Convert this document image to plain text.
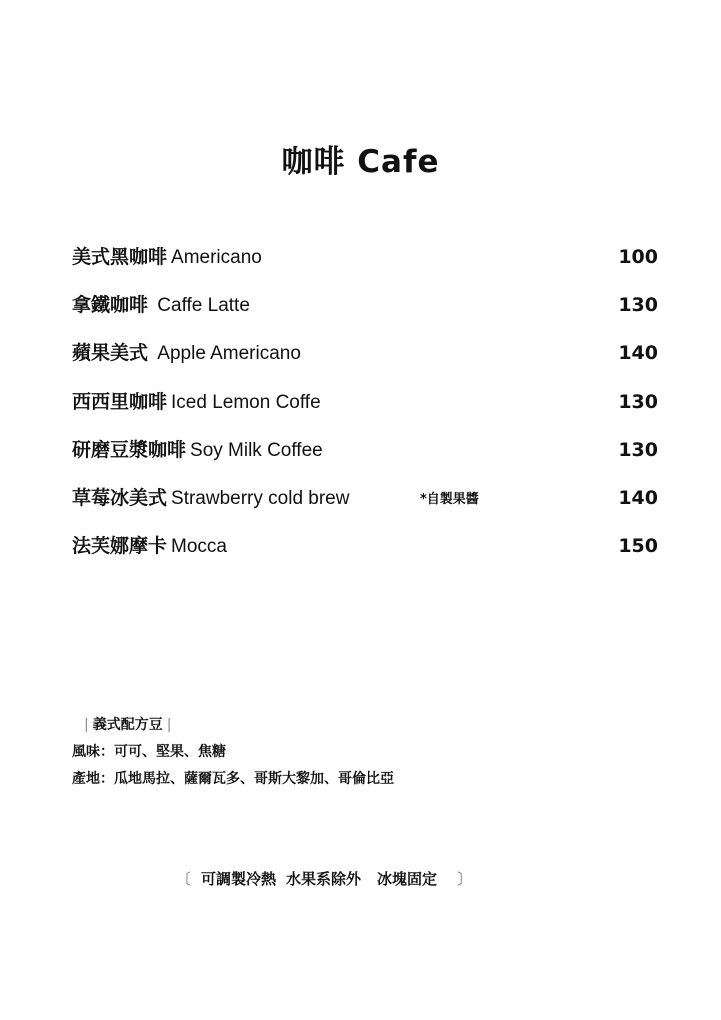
咖啡 Cafe
美式黑咖啡 Americano	100
拿鐵咖啡 Caffe Latte	130
蘋果美式 Apple Americano	140
西西里咖啡 Iced Lemon Coffe	130
研磨豆漿咖啡 Soy Milk Coffee	130
草莓冰美式 Strawberry cold brew	*自製果醬	140
法芙娜摩卡 Mocca	150
| 義式配方豆 |
風味：可可、堅果、焦糖
產地：瓜地馬拉、薩爾瓦多、哥斯大黎加、哥倫比亞
〔 可調製冷熱 水果系除外 冰塊固定 〕
